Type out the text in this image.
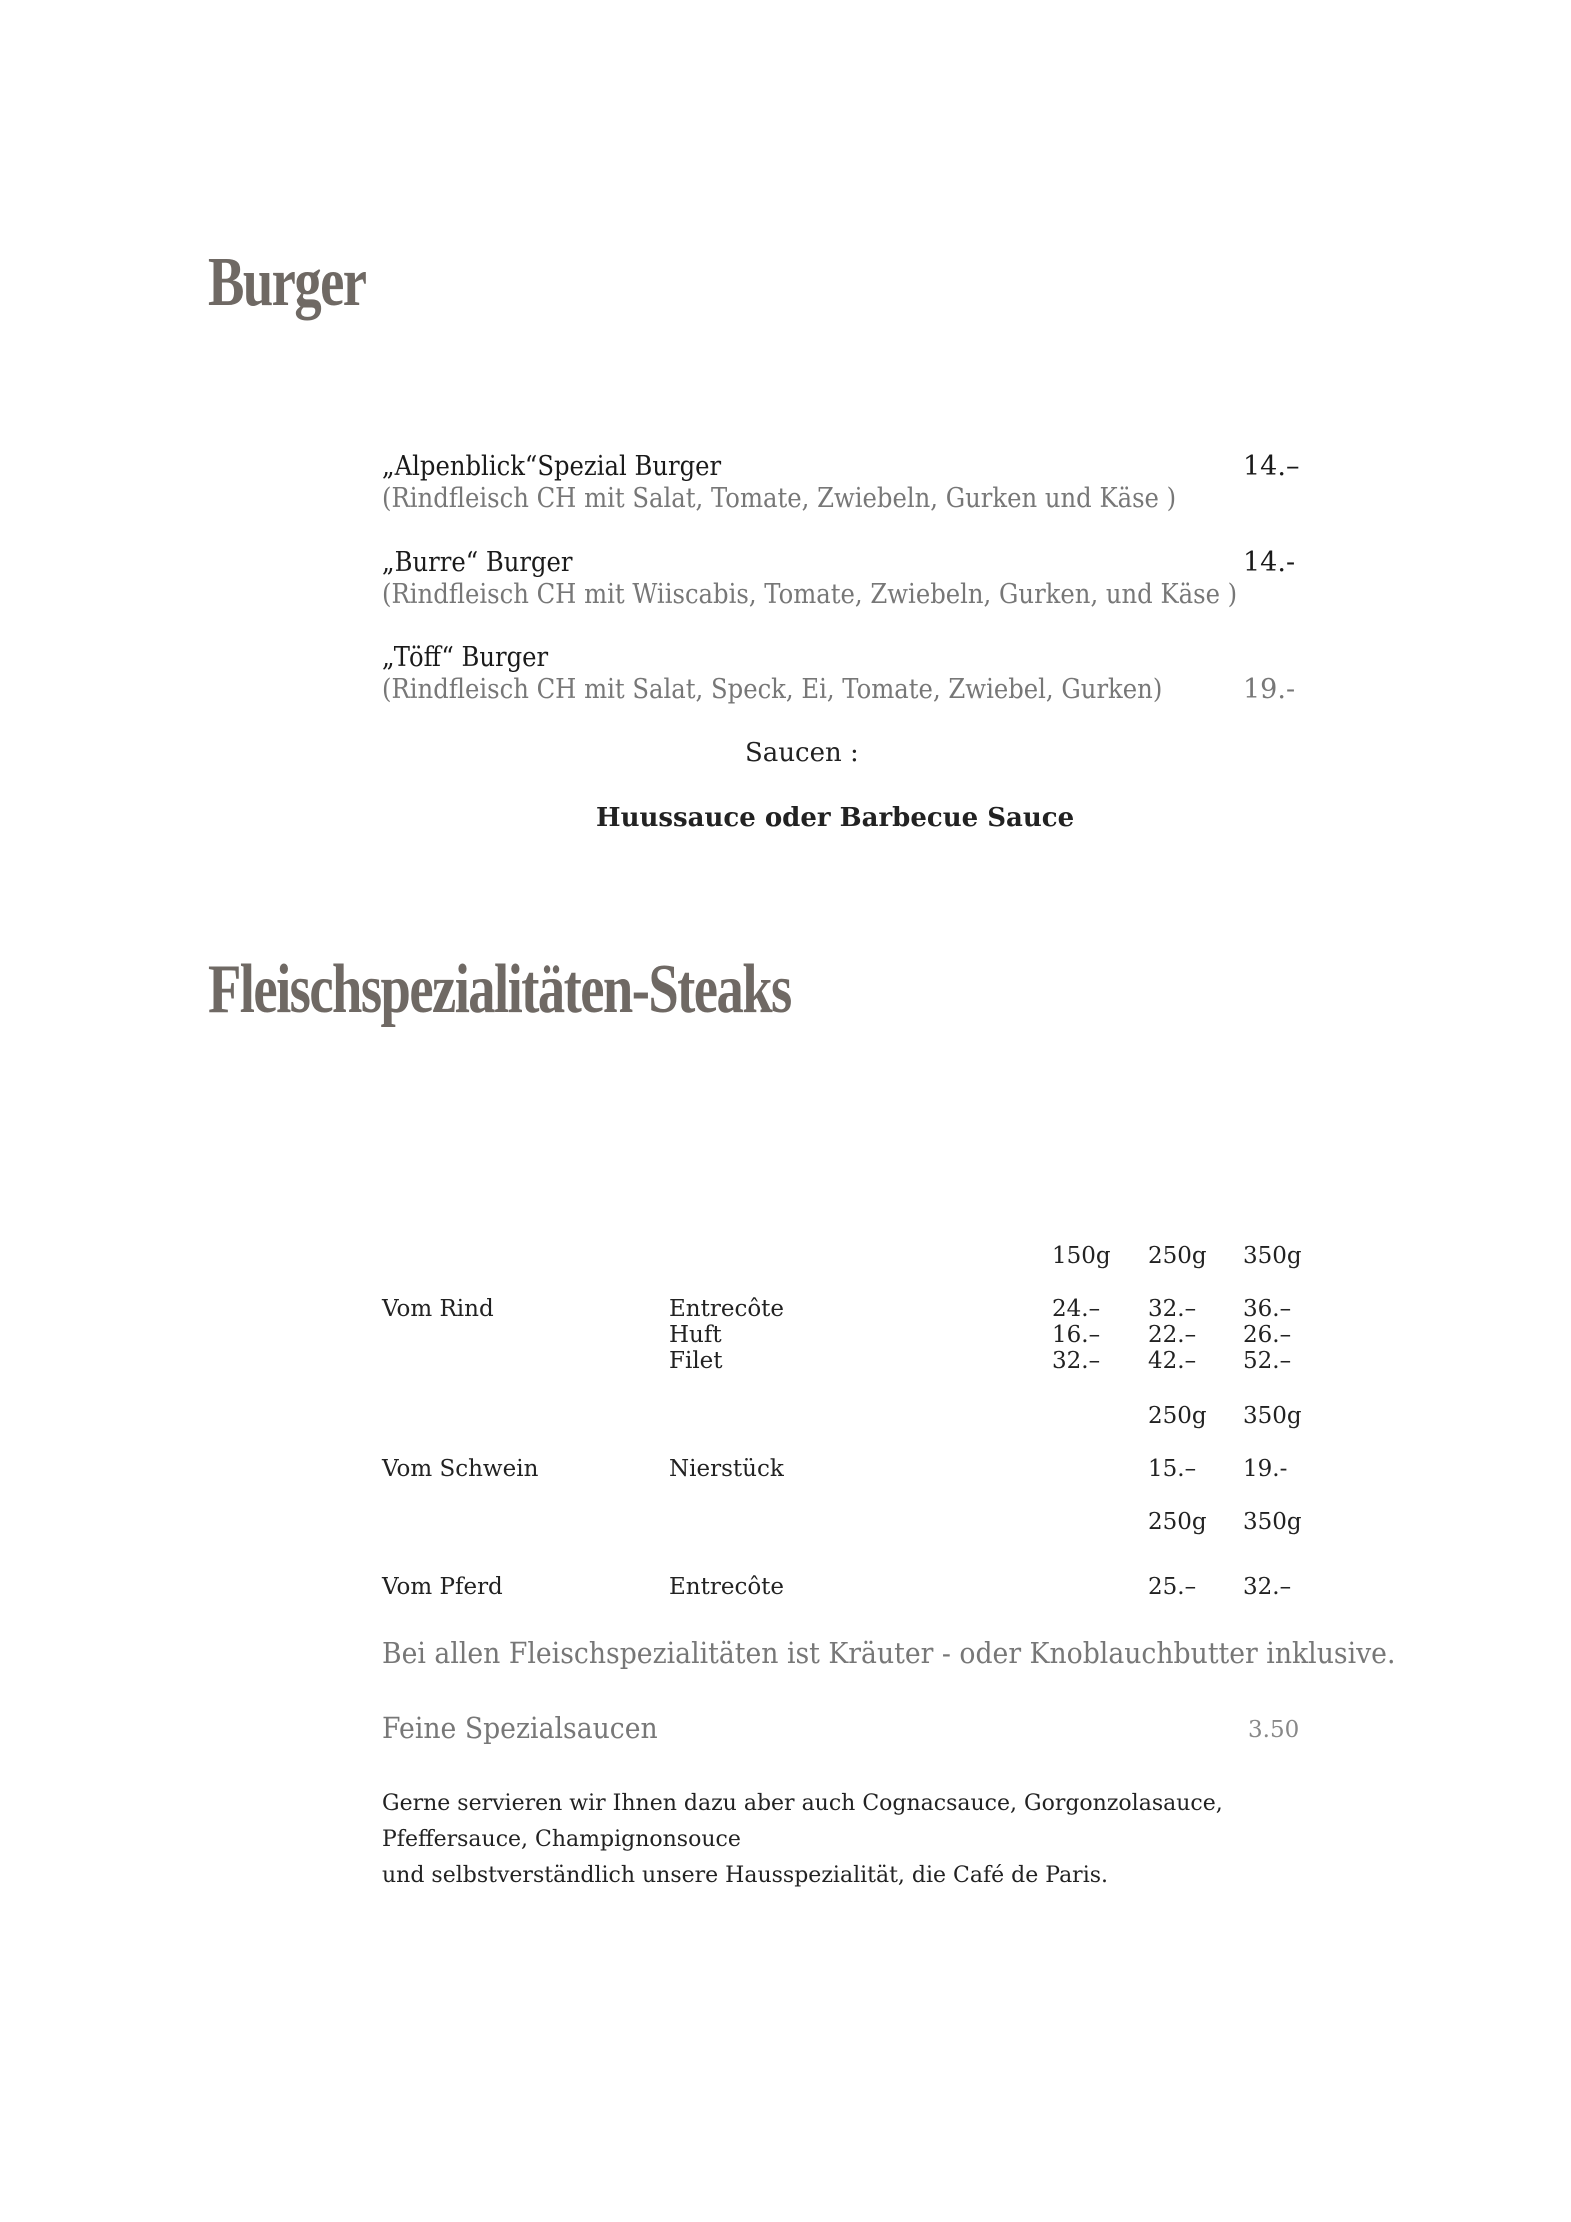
Burger
„Alpenblick“Spezial Burger	14.–
(Rindfleisch CH mit Salat, Tomate, Zwiebeln, Gurken und Käse )
„Burre“ Burger	14.-
(Rindfleisch CH mit Wiiscabis, Tomate, Zwiebeln, Gurken, und Käse )
„Töff“ Burger
(Rindfleisch CH mit Salat, Speck, Ei, Tomate, Zwiebel, Gurken)	19.-
Saucen :
Huussauce oder Barbecue Sauce
Fleischspezialitäten-Steaks
150g 250g 350g
Vom Rind	Entrecôte	24.– 32.– 36.–
Huft	16.– 22.– 26.–
Filet	32.– 42.– 52.–
250g 350g
Vom Schwein	Nierstück	15.– 19.-
250g 350g
Vom Pferd	Entrecôte	25.– 32.–
Bei allen Fleischspezialitäten ist Kräuter - oder Knoblauchbutter inklusive.
Feine Spezialsaucen	3.50
Gerne servieren wir Ihnen dazu aber auch Cognacsauce, Gorgonzolasauce,
Pfeffersauce, Champignonsouce
und selbstverständlich unsere Hausspezialität, die Café de Paris.
